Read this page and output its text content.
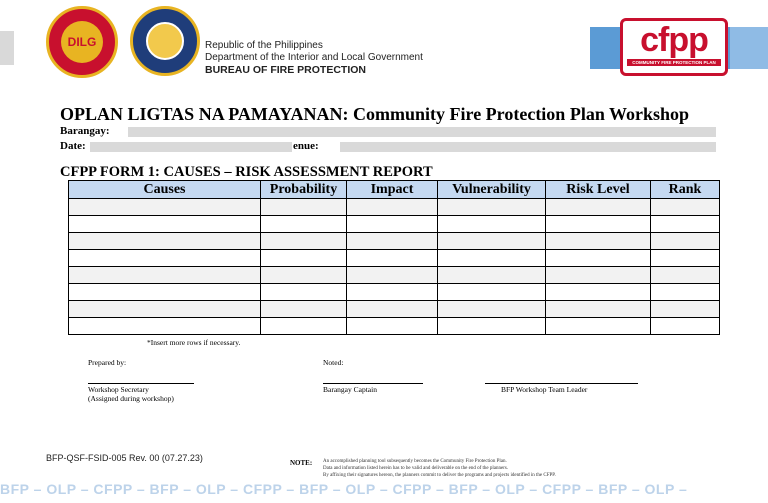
DILG	Republic of the Philippines
Department of the Interior and Local Government
BUREAU OF FIRE PROTECTION
cfpp
COMMUNITY FIRE PROTECTION PLAN
OPLAN LIGTAS NA PAMAYANAN: Community Fire Protection Plan Workshop
Barangay:
Date:	enue:
CFPP FORM 1: CAUSES – RISK ASSESSMENT REPORT
Causes	Probability	Impact	Vulnerability	Risk Level	Rank

*Insert more rows if necessary.
Prepared by:	Noted:
Workshop Secretary
(Assigned during workshop)
Barangay Captain	BFP Workshop Team Leader
BFP-QSF-FSID-005 Rev. 00 (07.27.23)	NOTE: An accomplished planning tool subsequently becomes the Community Fire Protection Plan.
Data and information listed herein has to be valid and deliverable on the end of the planners.
By affixing their signatures hereon, the planners commit to deliver the programs and projects identified in the CFPP.
BFP – OLP – CFPP – BFP – OLP – CFPP – BFP – OLP – CFPP – BFP – OLP – CFPP – BFP – OLP –
